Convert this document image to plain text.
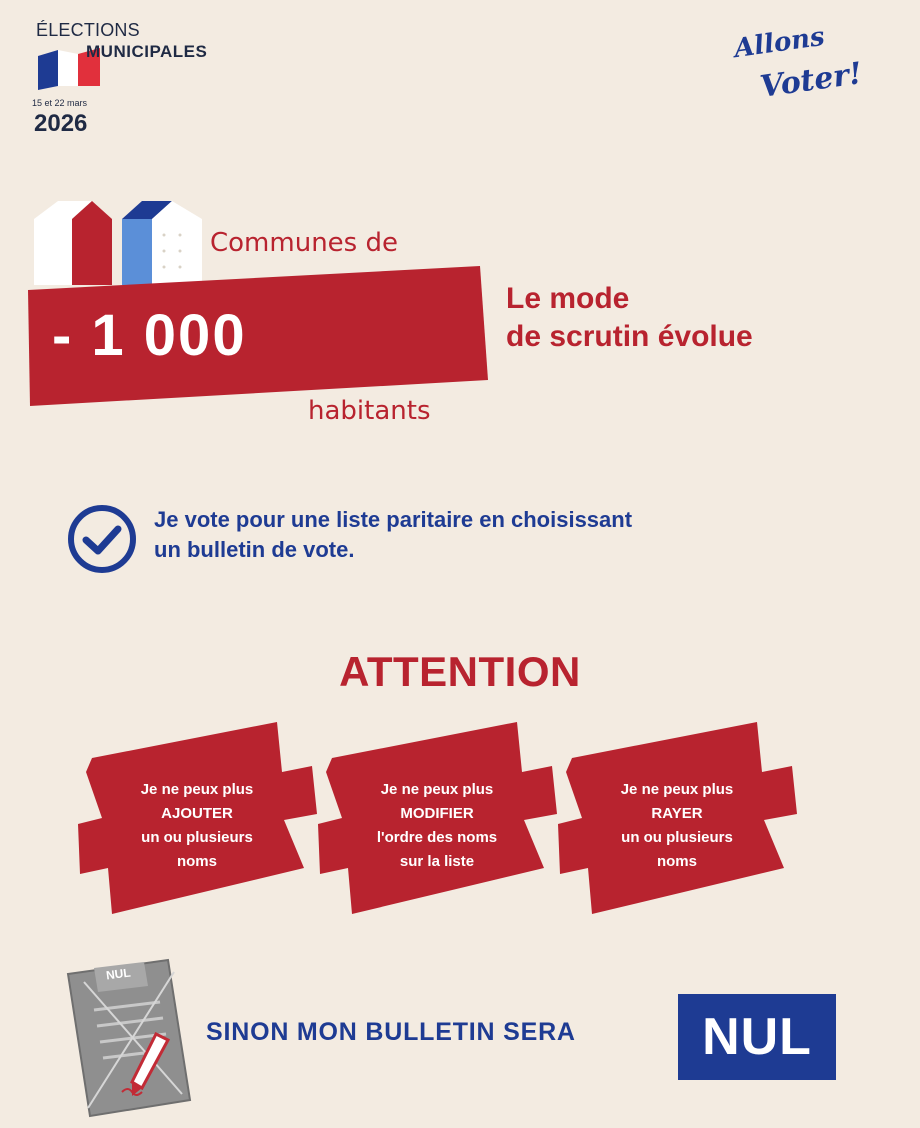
ÉLECTIONS
MUNICIPALES
15 et 22 mars
2026
Allons
Voter!
Communes de
- 1 000
habitants
Le mode
de scrutin évolue
Je vote pour une liste paritaire en choisissant
un bulletin de vote.
ATTENTION
Je ne peux plus
AJOUTER
un ou plusieurs
noms
Je ne peux plus
MODIFIER
l'ordre des noms
sur la liste
Je ne peux plus
RAYER
un ou plusieurs
noms
NUL
SINON MON BULLETIN SERA NUL
